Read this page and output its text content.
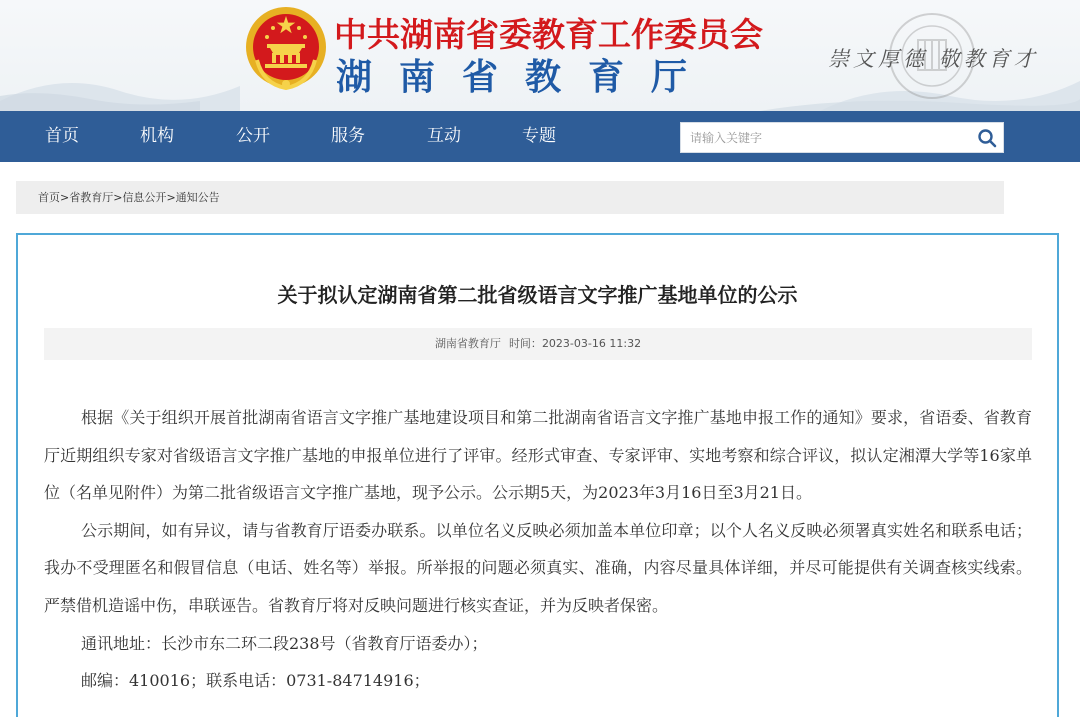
中共湖南省委教育工作委员会
湖南省教育厅	崇文厚德 敬教育才
首页	机构	公开	服务	互动	专题
请输入关键字
首页>省教育厅>信息公开>通知公告
关于拟认定湖南省第二批省级语言文字推广基地单位的公示
湖南省教育厅 时间：2023-03-16 11:32

根据《关于组织开展首批湖南省语言文字推广基地建设项目和第二批湖南省语言文字推广基地申报工作的通知》要求，省语委、省教育厅近期组织专家对省级语言文字推广基地的申报单位进行了评审。经形式审查、专家评审、实地考察和综合评议，拟认定湘潭大学等16家单位（名单见附件）为第二批省级语言文字推广基地，现予公示。公示期5天，为2023年3月16日至3月21日。

公示期间，如有异议，请与省教育厅语委办联系。以单位名义反映必须加盖本单位印章；以个人名义反映必须署真实姓名和联系电话；我办不受理匿名和假冒信息（电话、姓名等）举报。所举报的问题必须真实、准确，内容尽量具体详细，并尽可能提供有关调查核实线索。严禁借机造谣中伤，串联诬告。省教育厅将对反映问题进行核实查证，并为反映者保密。

通讯地址：长沙市东二环二段238号（省教育厅语委办）；

邮编：410016；联系电话：0731-84714916；
